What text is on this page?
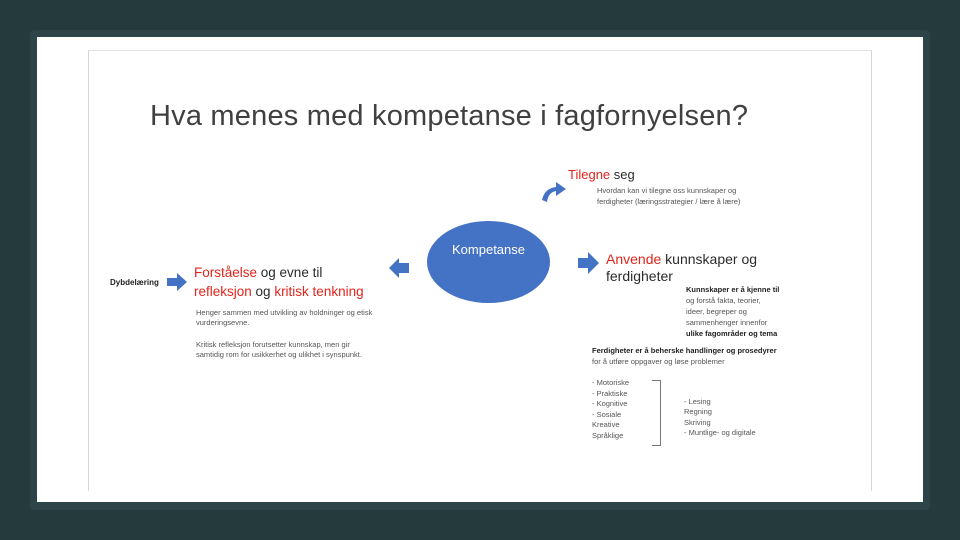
Hva menes med kompetanse i fagfornyelsen?
Kompetanse
Tilegne seg
Hvordan kan vi tilegne oss kunnskaper og
ferdigheter (læringsstrategier / lære å lære)
Anvende kunnskaper og
ferdigheter
Kunnskaper er å kjenne til
og forstå fakta, teorier,
ideer, begreper og
sammenhenger innenfor
ulike fagområder og tema
Ferdigheter er å beherske handlinger og prosedyrer
for å utføre oppgaver og løse problemer
- Motoriske
- Praktiske
- Kognitive
- Sosiale
Kreative
Språklige
- Lesing
Regning
Skriving
- Muntlige- og digitale
Dybdelæring
Forståelse og evne til
refleksjon og kritisk tenkning
Henger sammen med utvikling av holdninger og etisk
vurderingsevne.
Kritisk refleksjon forutsetter kunnskap, men gir
samtidig rom for usikkerhet og ulikhet i synspunkt.
